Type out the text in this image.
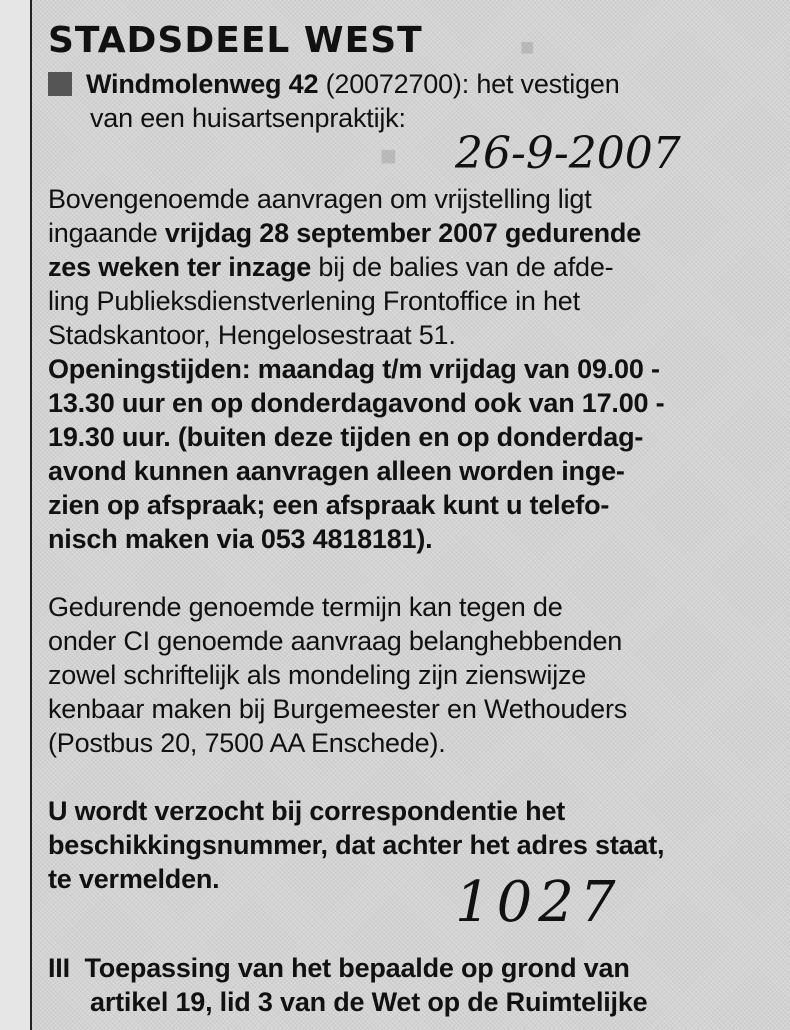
■
■
STADSDEEL WEST
Windmolenweg 42 (20072700): het vestigen
van een huisartsenpraktijk:
26-9-2007
Bovengenoemde aanvragen om vrijstelling ligt
ingaande vrijdag 28 september 2007 gedurende
zes weken ter inzage bij de balies van de afde-
ling Publieksdienstverlening Frontoffice in het
Stadskantoor, Hengelosestraat 51.
Openingstijden: maandag t/m vrijdag van 09.00 -
13.30 uur en op donderdagavond ook van 17.00 -
19.30 uur. (buiten deze tijden en op donderdag-
avond kunnen aanvragen alleen worden inge-
zien op afspraak; een afspraak kunt u telefo-
nisch maken via 053 4818181).
Gedurende genoemde termijn kan tegen de
onder CI genoemde aanvraag belanghebbenden
zowel schriftelijk als mondeling zijn zienswijze
kenbaar maken bij Burgemeester en Wethouders
(Postbus 20, 7500 AA Enschede).
U wordt verzocht bij correspondentie het
beschikkingsnummer, dat achter het adres staat,
te vermelden.	1027
III Toepassing van het bepaalde op grond van
artikel 19, lid 3 van de Wet op de Ruimtelijke
